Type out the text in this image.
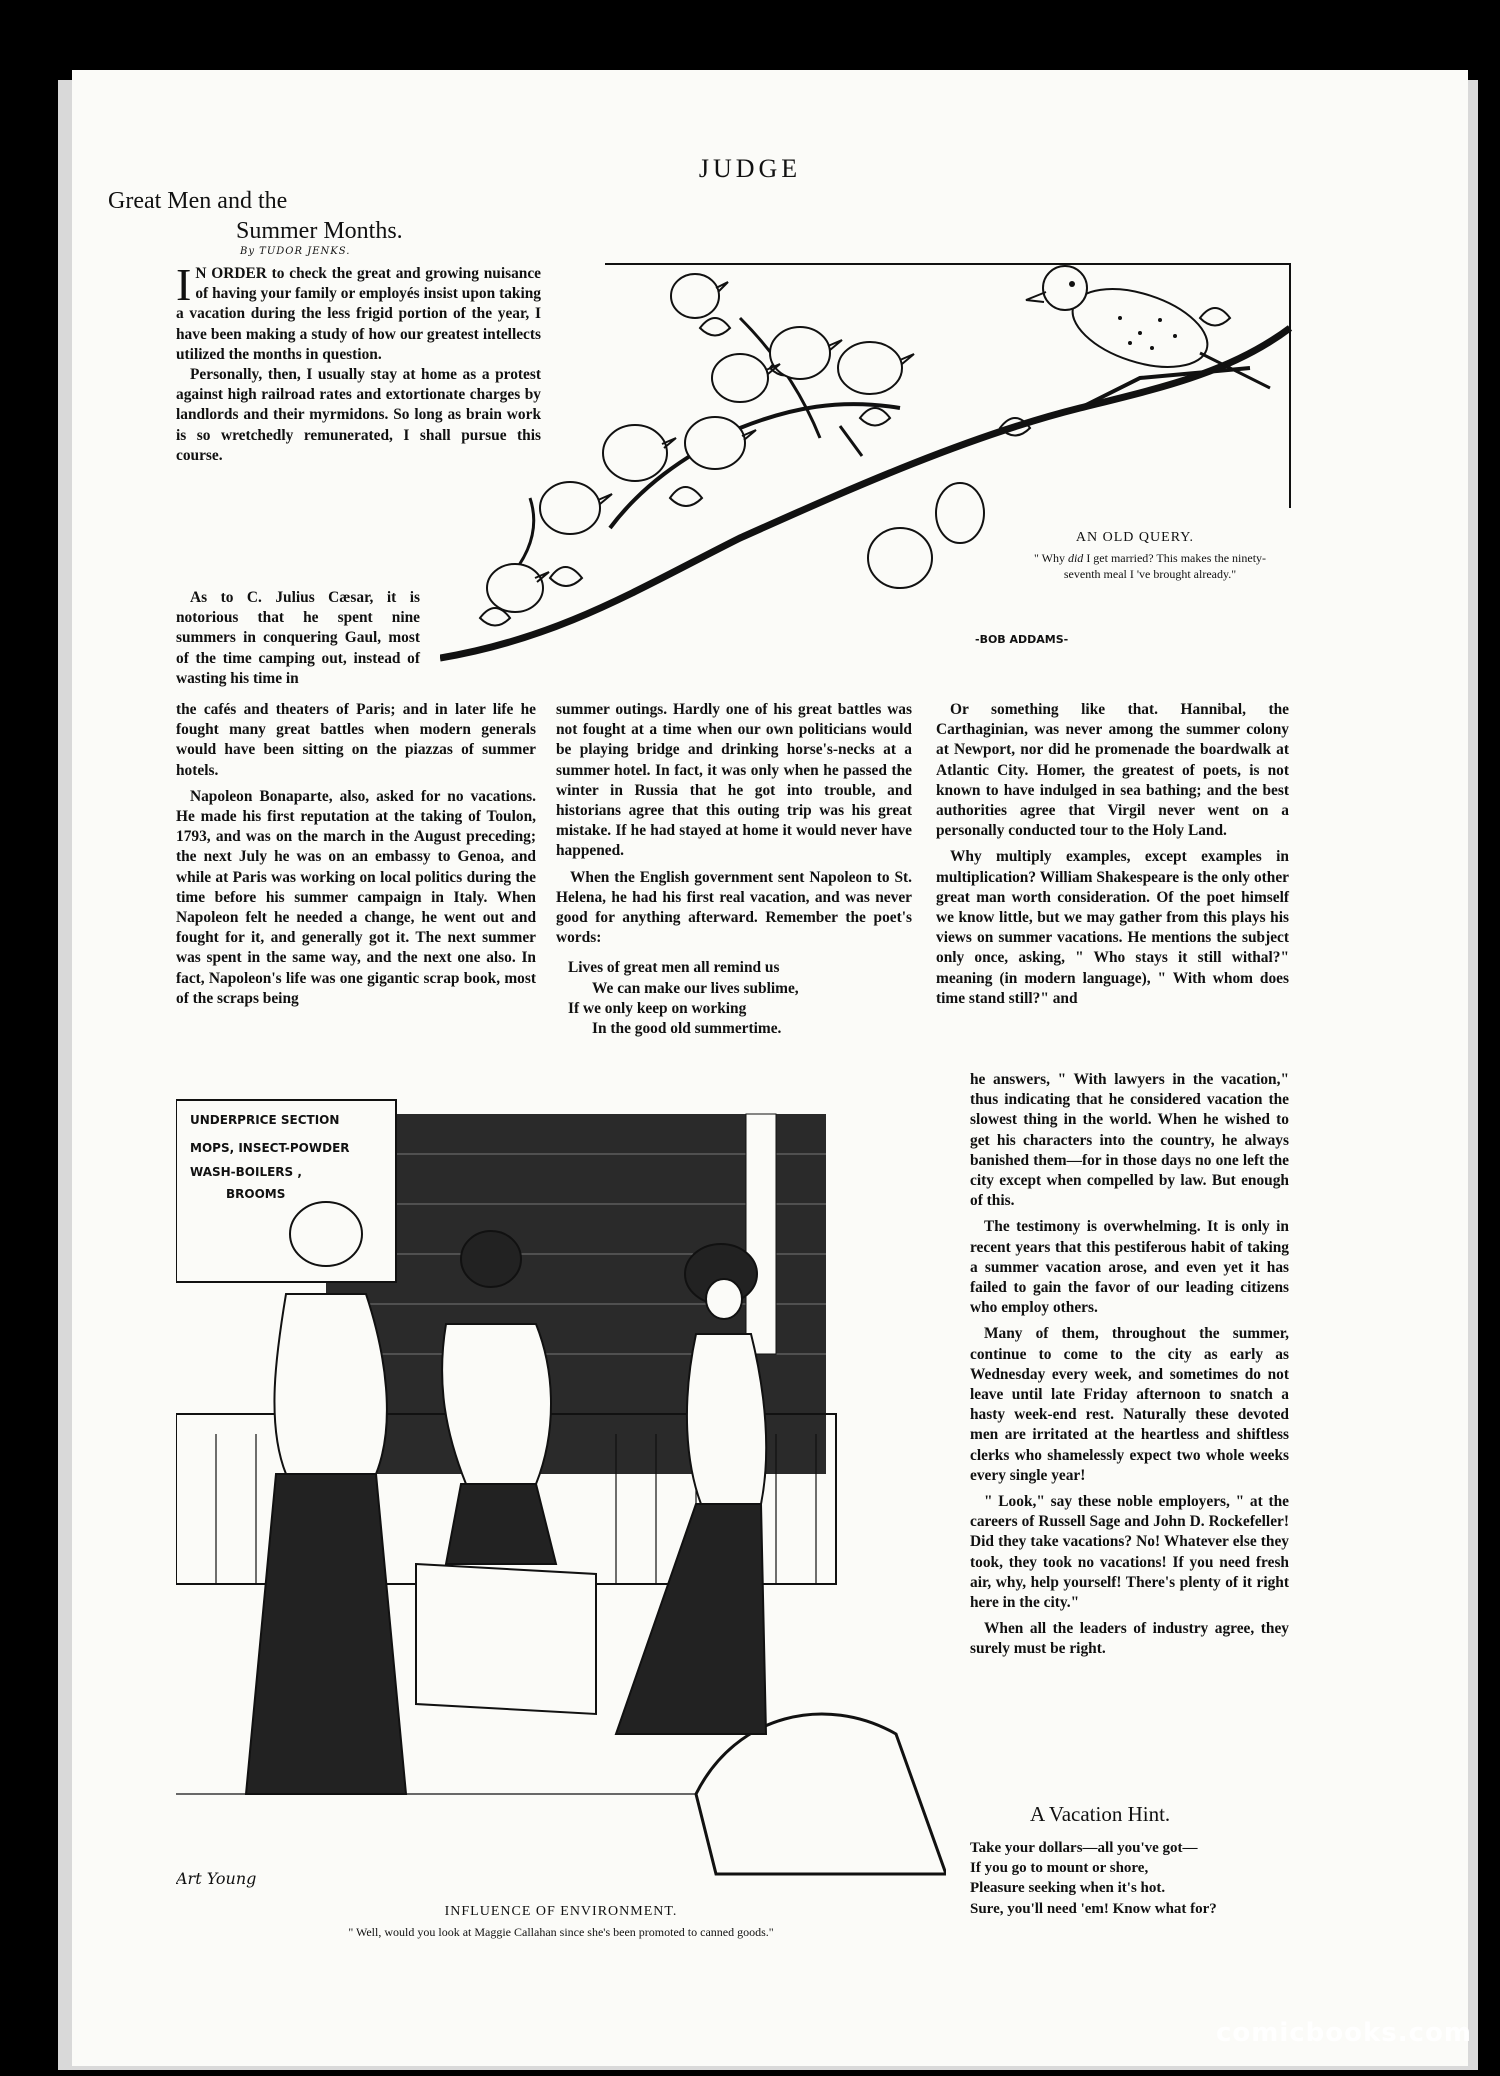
JUDGE
Great Men and the
Summer Months.
By TUDOR JENKS.

I N ORDER to check the great and growing nuisance of having your family or employés insist upon taking a vacation during the less frigid portion of the year, I have been making a study of how our greatest intellects utilized the months in question.

Personally, then, I usually stay at home as a protest against high railroad rates and extortionate charges by landlords and their myrmidons. So long as brain work is so wretchedly remunerated, I shall pursue this course.

As to C. Julius Cæsar, it is notorious that he spent nine summers in conquering Gaul, most of the time camping out, instead of wasting his time in

the cafés and theaters of Paris; and in later life he fought many great battles when modern generals would have been sitting on the piazzas of summer hotels.

Napoleon Bonaparte, also, asked for no vacations. He made his first reputation at the taking of Toulon, 1793, and was on the march in the August preceding; the next July he was on an embassy to Genoa, and while at Paris was working on local politics during the time before his summer campaign in Italy. When Napoleon felt he needed a change, he went out and fought for it, and generally got it. The next summer was spent in the same way, and the next one also. In fact, Napoleon's life was one gigantic scrap book, most of the scraps being

summer outings. Hardly one of his great battles was not fought at a time when our own politicians would be playing bridge and drinking horse's-necks at a summer hotel. In fact, it was only when he passed the winter in Russia that he got into trouble, and historians agree that this outing trip was his great mistake. If he had stayed at home it would never have happened.

When the English government sent Napoleon to St. Helena, he had his first real vacation, and was never good for anything afterward. Remember the poet's words:

Lives of great men all remind us
We can make our lives sublime,
If we only keep on working
In the good old summertime.

Or something like that. Hannibal, the Carthaginian, was never among the summer colony at Newport, nor did he promenade the boardwalk at Atlantic City. Homer, the greatest of poets, is not known to have indulged in sea bathing; and the best authorities agree that Virgil never went on a personally conducted tour to the Holy Land.

Why multiply examples, except examples in multiplication? William Shakespeare is the only other great man worth consideration. Of the poet himself we know little, but we may gather from this plays his views on summer vacations. He mentions the subject only once, asking, " Who stays it still withal?" meaning (in modern language), " With whom does time stand still?" and

he answers, " With lawyers in the vacation," thus indicating that he considered vacation the slowest thing in the world. When he wished to get his characters into the country, he always banished them—for in those days no one left the city except when compelled by law. But enough of this.

The testimony is overwhelming. It is only in recent years that this pestiferous habit of taking a summer vacation arose, and even yet it has failed to gain the favor of our leading citizens who employ others.

Many of them, throughout the summer, continue to come to the city as early as Wednesday every week, and sometimes do not leave until late Friday afternoon to snatch a hasty week-end rest. Naturally these devoted men are irritated at the heartless and shiftless clerks who shamelessly expect two whole weeks every single year!

" Look," say these noble employers, " at the careers of Russell Sage and John D. Rockefeller! Did they take vacations? No! Whatever else they took, they took no vacations! If you need fresh air, why, help yourself! There's plenty of it right here in the city."

When all the leaders of industry agree, they surely must be right.

A Vacation Hint.
Take your dollars—all you've got—
If you go to mount or shore,
Pleasure seeking when it's hot.
Sure, you'll need 'em! Know what for?
-BOB ADDAMS-
AN OLD QUERY.
" Why did I get married? This makes the ninety-seventh meal I 've brought already."
UNDERPRICE SECTION
MOPS, INSECT-POWDER
WASH-BOILERS ,
BROOMS
Art Young
INFLUENCE OF ENVIRONMENT.
" Well, would you look at Maggie Callahan since she's been promoted to canned goods."
comicbooks.com
